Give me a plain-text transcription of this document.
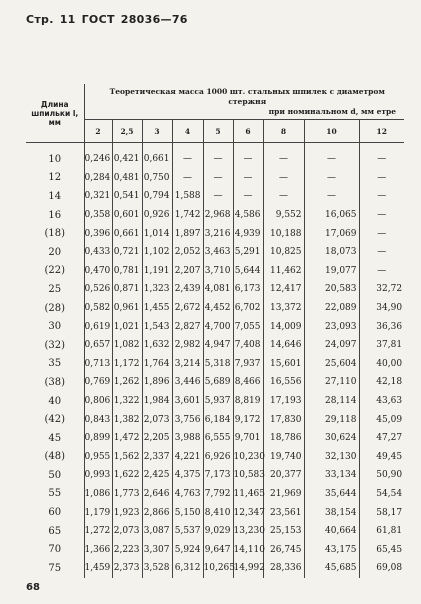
Стр. 11 ГОСТ 28036—76
Длина шпильки l, мм	Теоретическая масса 1000 шт. стальных шпилек с диаметром стержня
при номинальном d, мм етре								

	2	2,5	3	4	5	6	8	10	12

10	0,246	0,421	0,661	—	—	—	—	—	—
12	0,284	0,481	0,750	—	—	—	—	—	—
14	0,321	0,541	0,794	1,588	—	—	—	—	—
16	0,358	0,601	0,926	1,742	2,968	4,586	9,552	16,065	—
(18)	0,396	0,661	1,014	1,897	3,216	4,939	10,188	17,069	—
20	0,433	0,721	1,102	2,052	3,463	5,291	10,825	18,073	—
(22)	0,470	0,781	1,191	2,207	3,710	5,644	11,462	19,077	—
25	0,526	0,871	1,323	2,439	4,081	6,173	12,417	20,583	32,72
(28)	0,582	0,961	1,455	2,672	4,452	6,702	13,372	22,089	34,90
30	0,619	1,021	1,543	2,827	4,700	7,055	14,009	23,093	36,36
(32)	0,657	1,082	1,632	2,982	4,947	7,408	14,646	24,097	37,81
35	0,713	1,172	1,764	3,214	5,318	7,937	15,601	25,604	40,00
(38)	0,769	1,262	1,896	3,446	5,689	8,466	16,556	27,110	42,18
40	0,806	1,322	1,984	3,601	5,937	8,819	17,193	28,114	43,63
(42)	0,843	1,382	2,073	3,756	6,184	9,172	17,830	29,118	45,09
45	0,899	1,472	2,205	3,988	6,555	9,701	18,786	30,624	47,27
(48)	0,955	1,562	2,337	4,221	6,926	10,230	19,740	32,130	49,45
50	0,993	1,622	2,425	4,375	7,173	10,583	20,377	33,134	50,90
55	1,086	1,773	2,646	4,763	7,792	11,465	21,969	35,644	54,54
60	1,179	1,923	2,866	5,150	8,410	12,347	23,561	38,154	58,17
65	1,272	2,073	3,087	5,537	9,029	13,230	25,153	40,664	61,81
70	1,366	2,223	3,307	5,924	9,647	14,110	26,745	43,175	65,45
75	1,459	2,373	3,528	6,312	10,265	14,992	28,336	45,685	69,08
68
